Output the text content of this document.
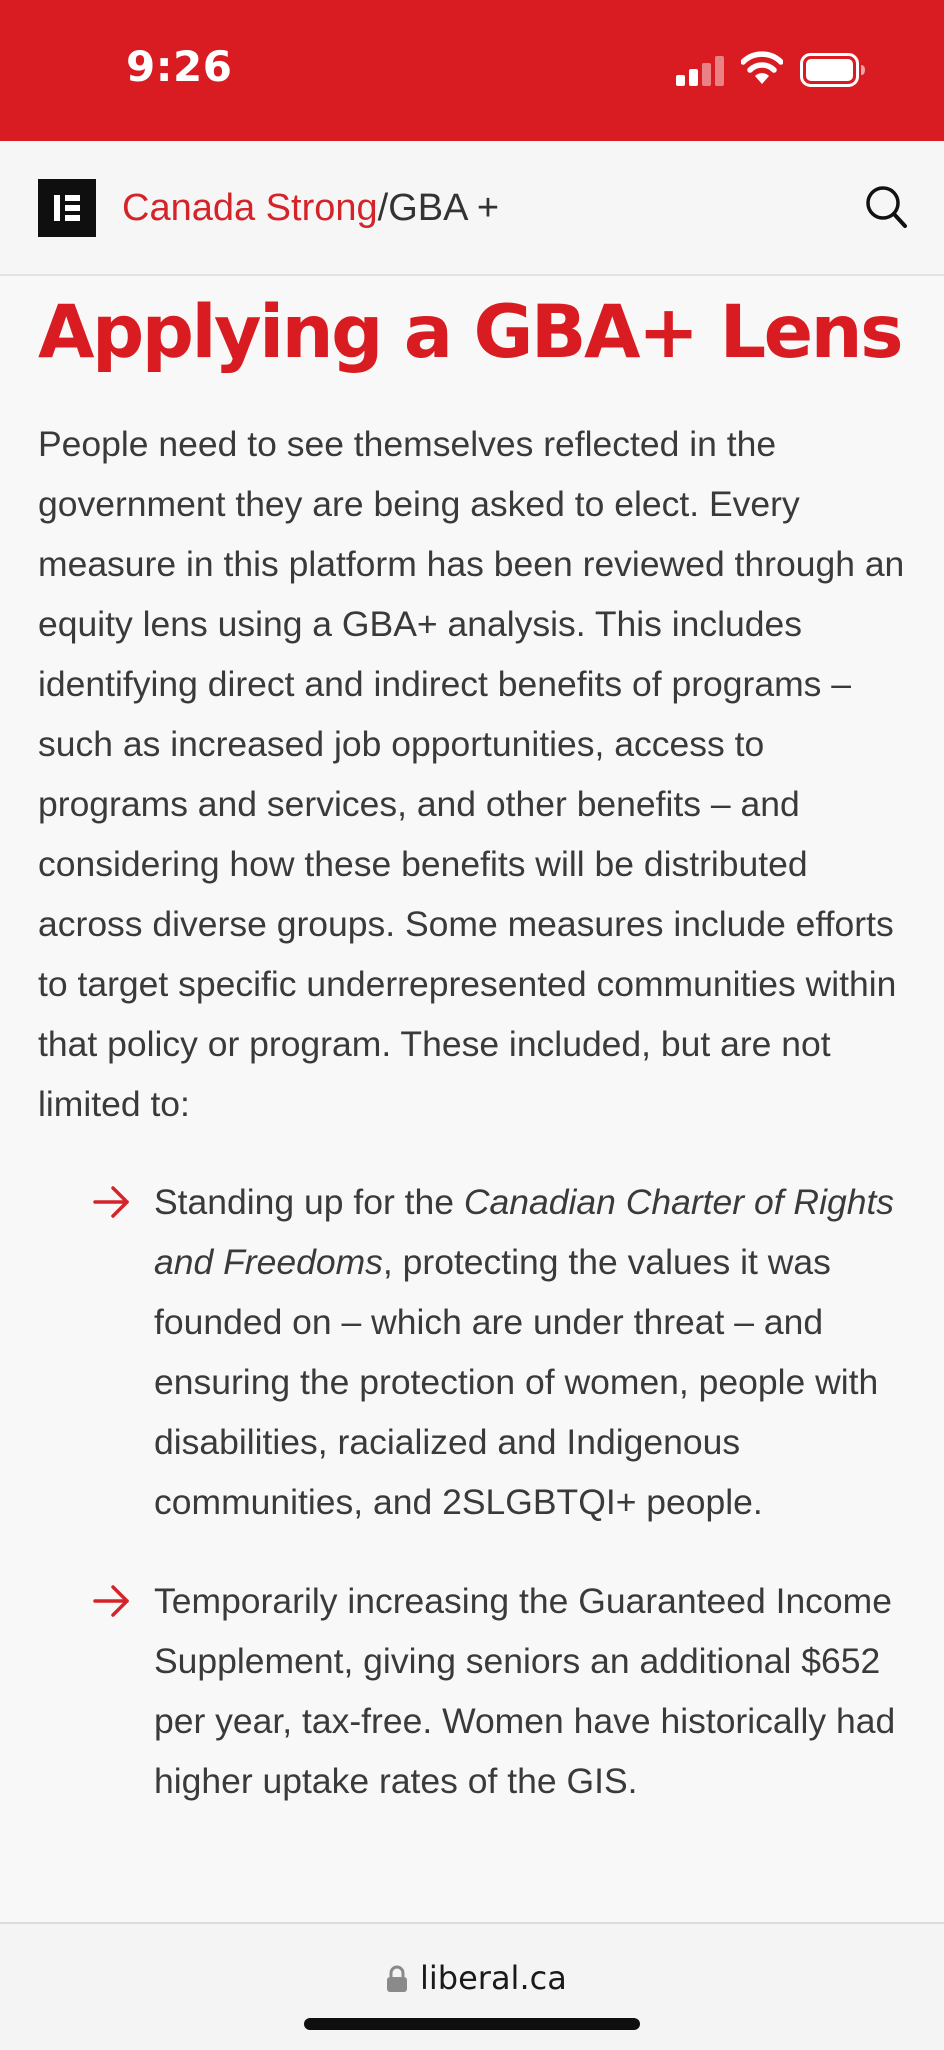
9:26
Canada Strong/GBA +
Applying a GBA+ Lens

People need to see themselves reflected in the government they are being asked to elect. Every measure in this platform has been reviewed through an equity lens using a GBA+ analysis. This includes identifying direct and indirect benefits of programs – such as increased job opportunities, access to programs and services, and other benefits – and considering how these benefits will be distributed across diverse groups. Some measures include efforts to target specific underrepresented communities within that policy or program. These included, but are not limited to:

Standing up for the Canadian Charter of Rights and Freedoms, protecting the values it was founded on – which are under threat – and ensuring the protection of women, people with disabilities, racialized and Indigenous communities, and 2SLGBTQI+ people.
Temporarily increasing the Guaranteed Income Supplement, giving seniors an additional $652 per year, tax-free. Women have historically had higher uptake rates of the GIS.
liberal.ca
